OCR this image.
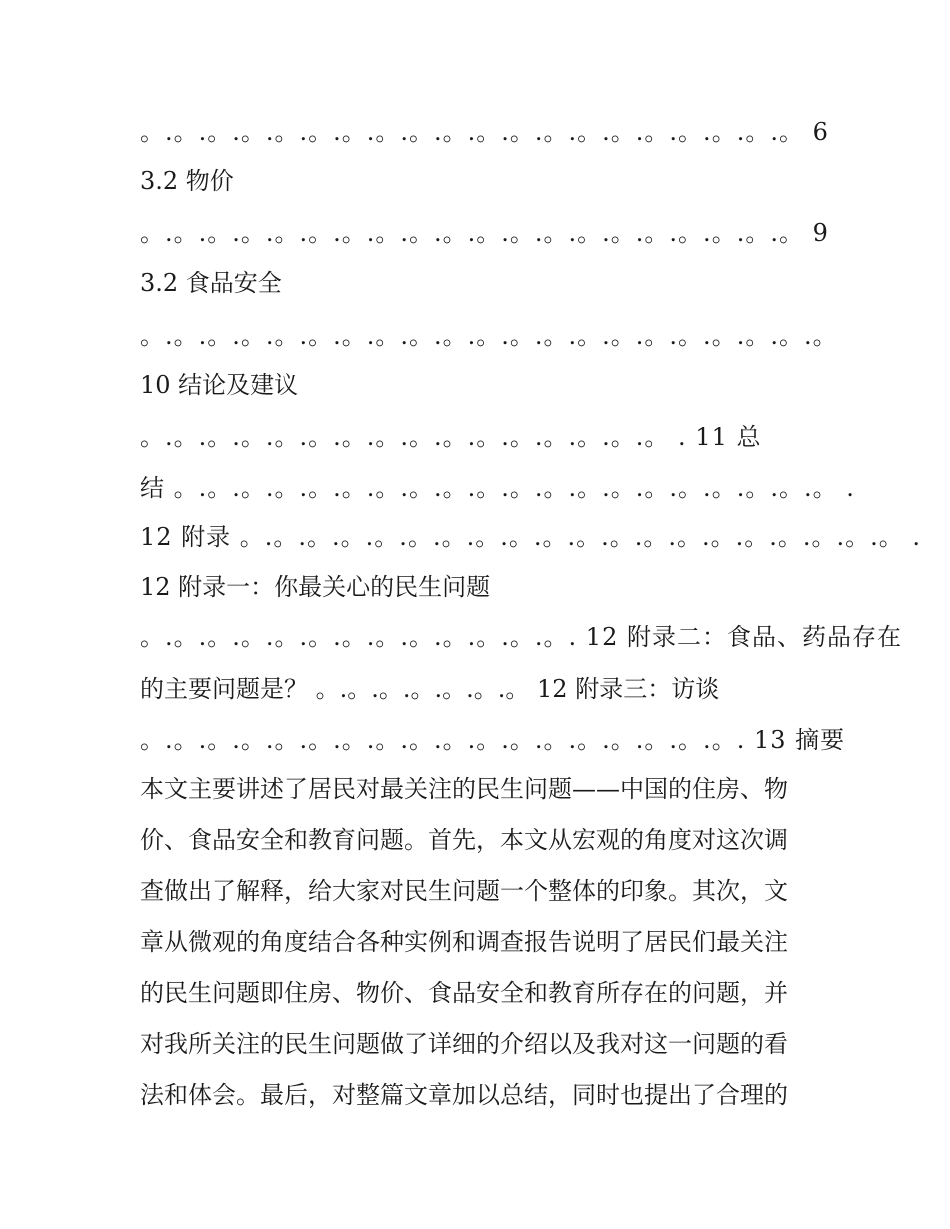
。.。.。.。.。.。.。.。.。.。.。.。.。.。.。.。.。.。.。.。 6
3.2 物价
。.。.。.。.。.。.。.。.。.。.。.。.。.。.。.。.。.。.。.。 9
3.2 食品安全
。.。.。.。.。.。.。.。.。.。.。.。.。.。.。.。.。.。.。.。.。
10 结论及建议
。.。.。.。.。.。.。.。.。.。.。.。.。.。.。.。 . 11 总
结 。.。.。.。.。.。.。.。.。.。.。.。.。.。.。.。.。.。.。.。 .
12 附录 。.。.。.。.。.。.。.。.。.。.。.。.。.。.。.。.。.。.。.。 .
12 附录一：你最关心的民生问题
。.。.。.。.。.。.。.。.。.。.。.。.。. 12 附录二：食品、药品存在
的主要问题是？ 。.。.。.。.。.。.。 12 附录三：访谈
。.。.。.。.。.。.。.。.。.。.。.。.。.。.。.。.。.。. 13 摘要
本文主要讲述了居民对最关注的民生问题——中国的住房、物
价、食品安全和教育问题。首先，本文从宏观的角度对这次调
查做出了解释，给大家对民生问题一个整体的印象。其次，文
章从微观的角度结合各种实例和调查报告说明了居民们最关注
的民生问题即住房、物价、食品安全和教育所存在的问题，并
对我所关注的民生问题做了详细的介绍以及我对这一问题的看
法和体会。最后，对整篇文章加以总结，同时也提出了合理的
